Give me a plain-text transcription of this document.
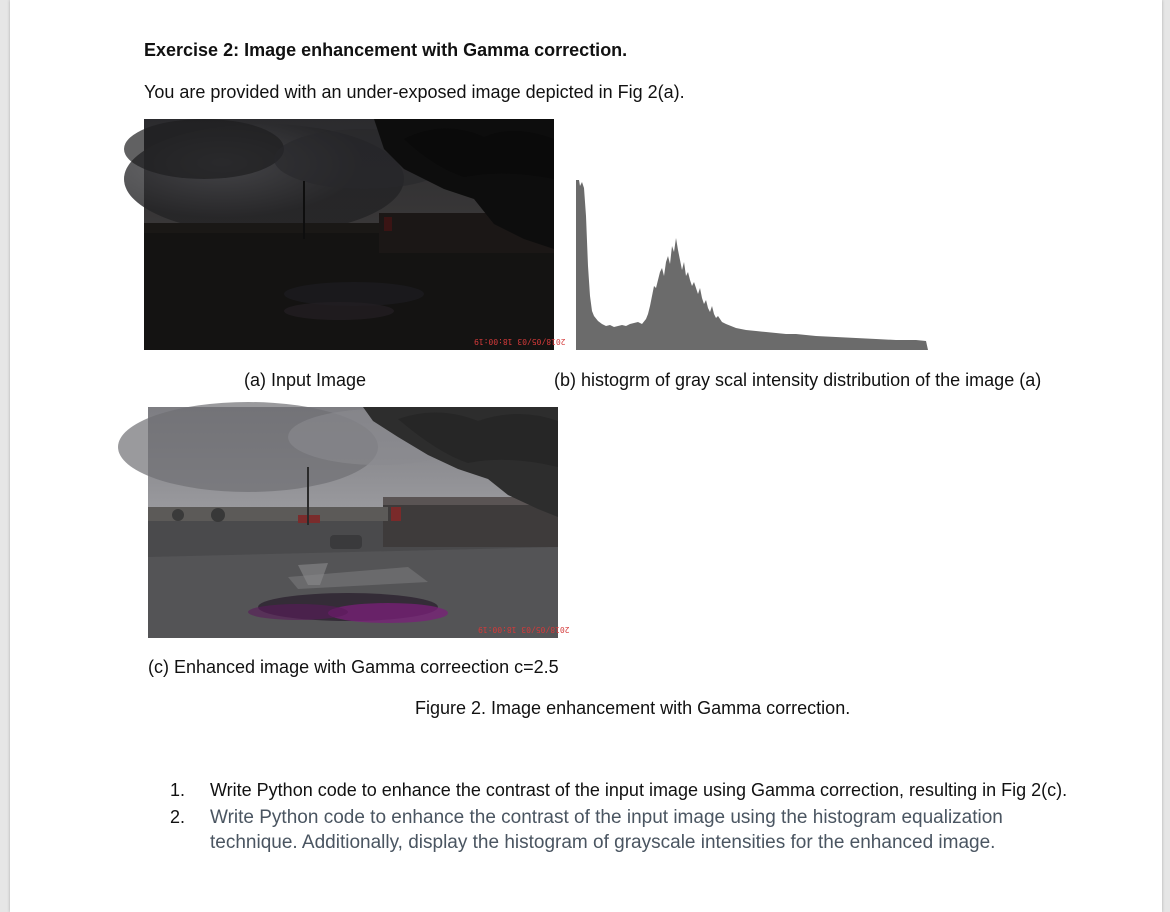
Exercise 2: Image enhancement with Gamma correction.
You are provided with an under-exposed image depicted in Fig 2(a).
2018/05/03 18:00:19
(a) Input Image	(b) histogrm of gray scal intensity distribution of the image (a)
2018/05/03 18:00:19
(c) Enhanced image with Gamma correection c=2.5
Figure 2. Image enhancement with Gamma correction.
1.	Write Python code to enhance the contrast of the input image using Gamma correction, resulting in Fig 2(c).
2.	Write Python code to enhance the contrast of the input image using the histogram equalization technique. Additionally, display the histogram of grayscale intensities for the enhanced image.
